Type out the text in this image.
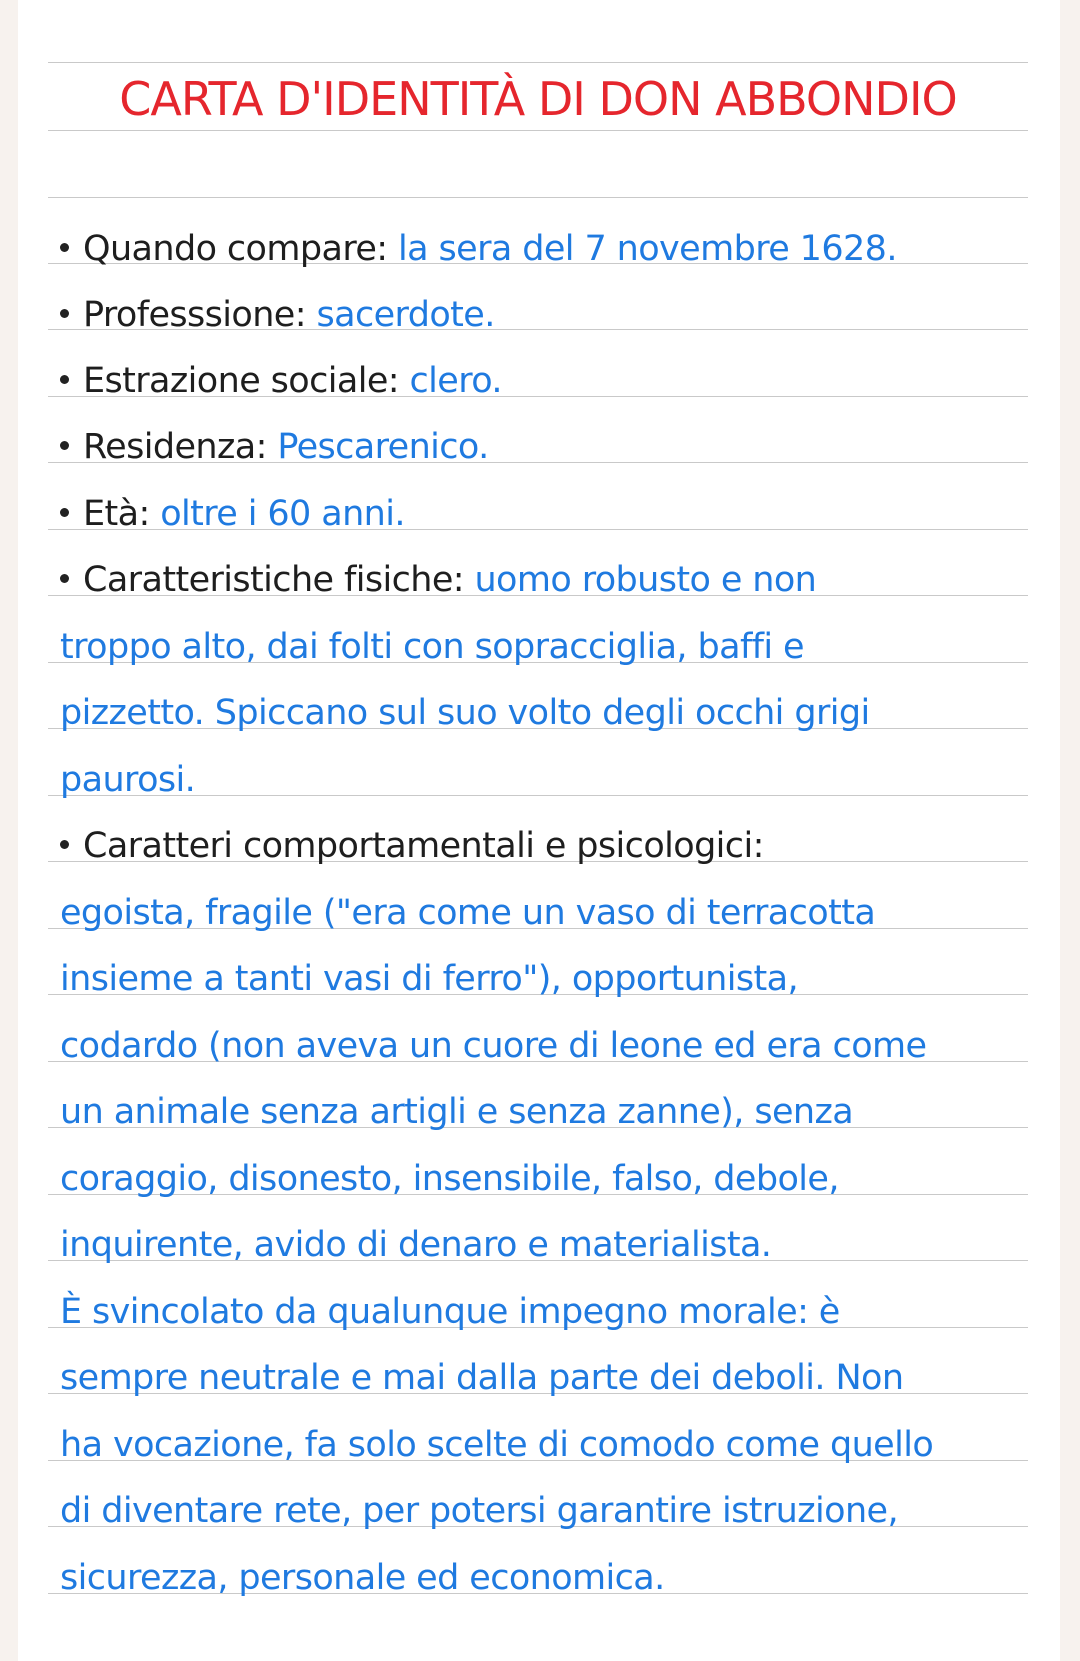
CARTA D'IDENTITÀ DI DON ABBONDIO
Quando compare: la sera del 7 novembre 1628.
Professsione: sacerdote.
Estrazione sociale: clero.
Residenza: Pescarenico.
Età: oltre i 60 anni.
Caratteristiche fisiche: uomo robusto e non
troppo alto, dai folti con sopracciglia, baffi e
pizzetto. Spiccano sul suo volto degli occhi grigi
paurosi.
Caratteri comportamentali e psicologici:
egoista, fragile ("era come un vaso di terracotta
insieme a tanti vasi di ferro"), opportunista,
codardo (non aveva un cuore di leone ed era come
un animale senza artigli e senza zanne), senza
coraggio, disonesto, insensibile, falso, debole,
inquirente, avido di denaro e materialista.
È svincolato da qualunque impegno morale: è
sempre neutrale e mai dalla parte dei deboli. Non
ha vocazione, fa solo scelte di comodo come quello
di diventare rete, per potersi garantire istruzione,
sicurezza, personale ed economica.
